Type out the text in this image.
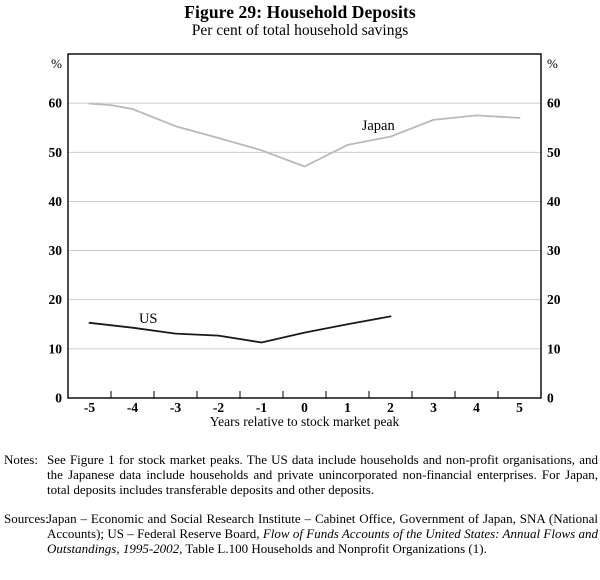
Figure 29: Household Deposits
Per cent of total household savings
Japan
US
10	10
20	20
30	30
40	40
50	50
60	60
0	0
%	%
-5 -4 -3 -2 -1	0	1	2	3	4	5
Years relative to stock market peak
Notes: See Figure 1 for stock market peaks. The US data include households and non-profit organisations, and the Japanese data include households and private unincorporated non-financial enterprises. For Japan, total deposits includes transferable deposits and other deposits.
Sources:
Japan – Economic and Social Research Institute – Cabinet Office, Government of Japan, SNA (National Accounts); US – Federal Reserve Board, Flow of Funds Accounts of the United States: Annual Flows and Outstandings, 1995-2002, Table L.100 Households and Nonprofit Organizations (1).
